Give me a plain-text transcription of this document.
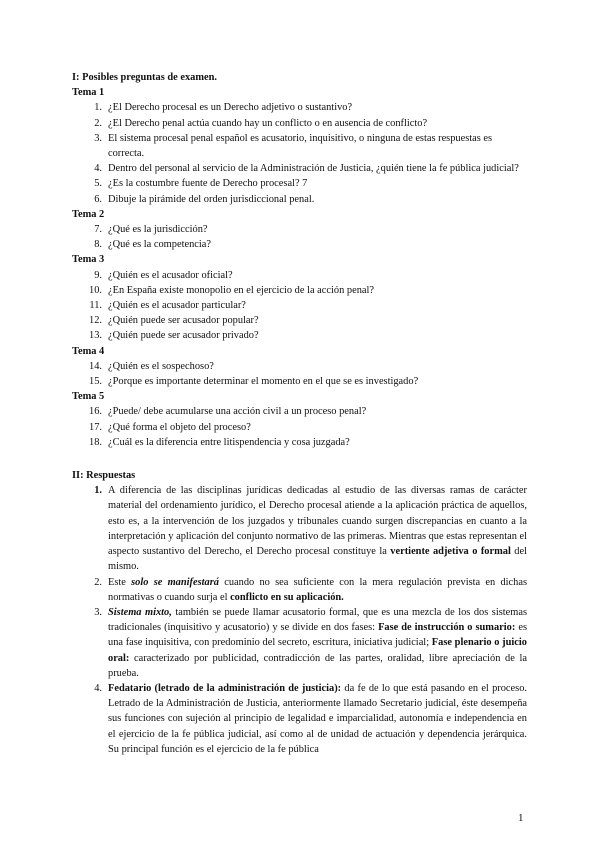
I: Posibles preguntas de examen.

Tema 1

1. ¿El Derecho procesal es un Derecho adjetivo o sustantivo?
2. ¿El Derecho penal actúa cuando hay un conflicto o en ausencia de conflicto?
3. El sistema procesal penal español es acusatorio, inquisitivo, o ninguna de estas respuestas es correcta.
4. Dentro del personal al servicio de la Administración de Justicia, ¿quién tiene la fe pública judicial?
5. ¿Es la costumbre fuente de Derecho procesal? 7
6. Dibuje la pirámide del orden jurisdiccional penal.

Tema 2

7. ¿Qué es la jurisdicción?
8. ¿Qué es la competencia?

Tema 3

9. ¿Quién es el acusador oficial?
10. ¿En España existe monopolio en el ejercicio de la acción penal?
11. ¿Quién es el acusador particular?
12. ¿Quién puede ser acusador popular?
13. ¿Quién puede ser acusador privado?

Tema 4

14. ¿Quién es el sospechoso?
15. ¿Porque es importante determinar el momento en el que se es investigado?

Tema 5

16. ¿Puede/ debe acumularse una acción civil a un proceso penal?
17. ¿Qué forma el objeto del proceso?
18. ¿Cuál es la diferencia entre litispendencia y cosa juzgada?

II: Respuestas

1. A diferencia de las disciplinas jurídicas dedicadas al estudio de las diversas ramas de carácter material del ordenamiento jurídico, el Derecho procesal atiende a la aplicación práctica de aquellos, esto es, a la intervención de los juzgados y tribunales cuando surgen discrepancias en cuanto a la interpretación y aplicación del conjunto normativo de las primeras. Mientras que estas representan el aspecto sustantivo del Derecho, el Derecho procesal constituye la vertiente adjetiva o formal del mismo.
2. Este solo se manifestará cuando no sea suficiente con la mera regulación prevista en dichas normativas o cuando surja el conflicto en su aplicación.
3. Sistema mixto, también se puede llamar acusatorio formal, que es una mezcla de los dos sistemas tradicionales (inquisitivo y acusatorio) y se divide en dos fases: Fase de instrucción o sumario: es una fase inquisitiva, con predominio del secreto, escritura, iniciativa judicial; Fase plenario o juicio oral: caracterizado por publicidad, contradicción de las partes, oralidad, libre apreciación de la prueba.
4. Fedatario (letrado de la administración de justicia): da fe de lo que está pasando en el proceso. Letrado de la Administración de Justicia, anteriormente llamado Secretario judicial, éste desempeña sus funciones con sujeción al principio de legalidad e imparcialidad, autonomía e independencia en el ejercicio de la fe pública judicial, así como al de unidad de actuación y dependencia jerárquica. Su principal función es el ejercicio de la fe pública
1
